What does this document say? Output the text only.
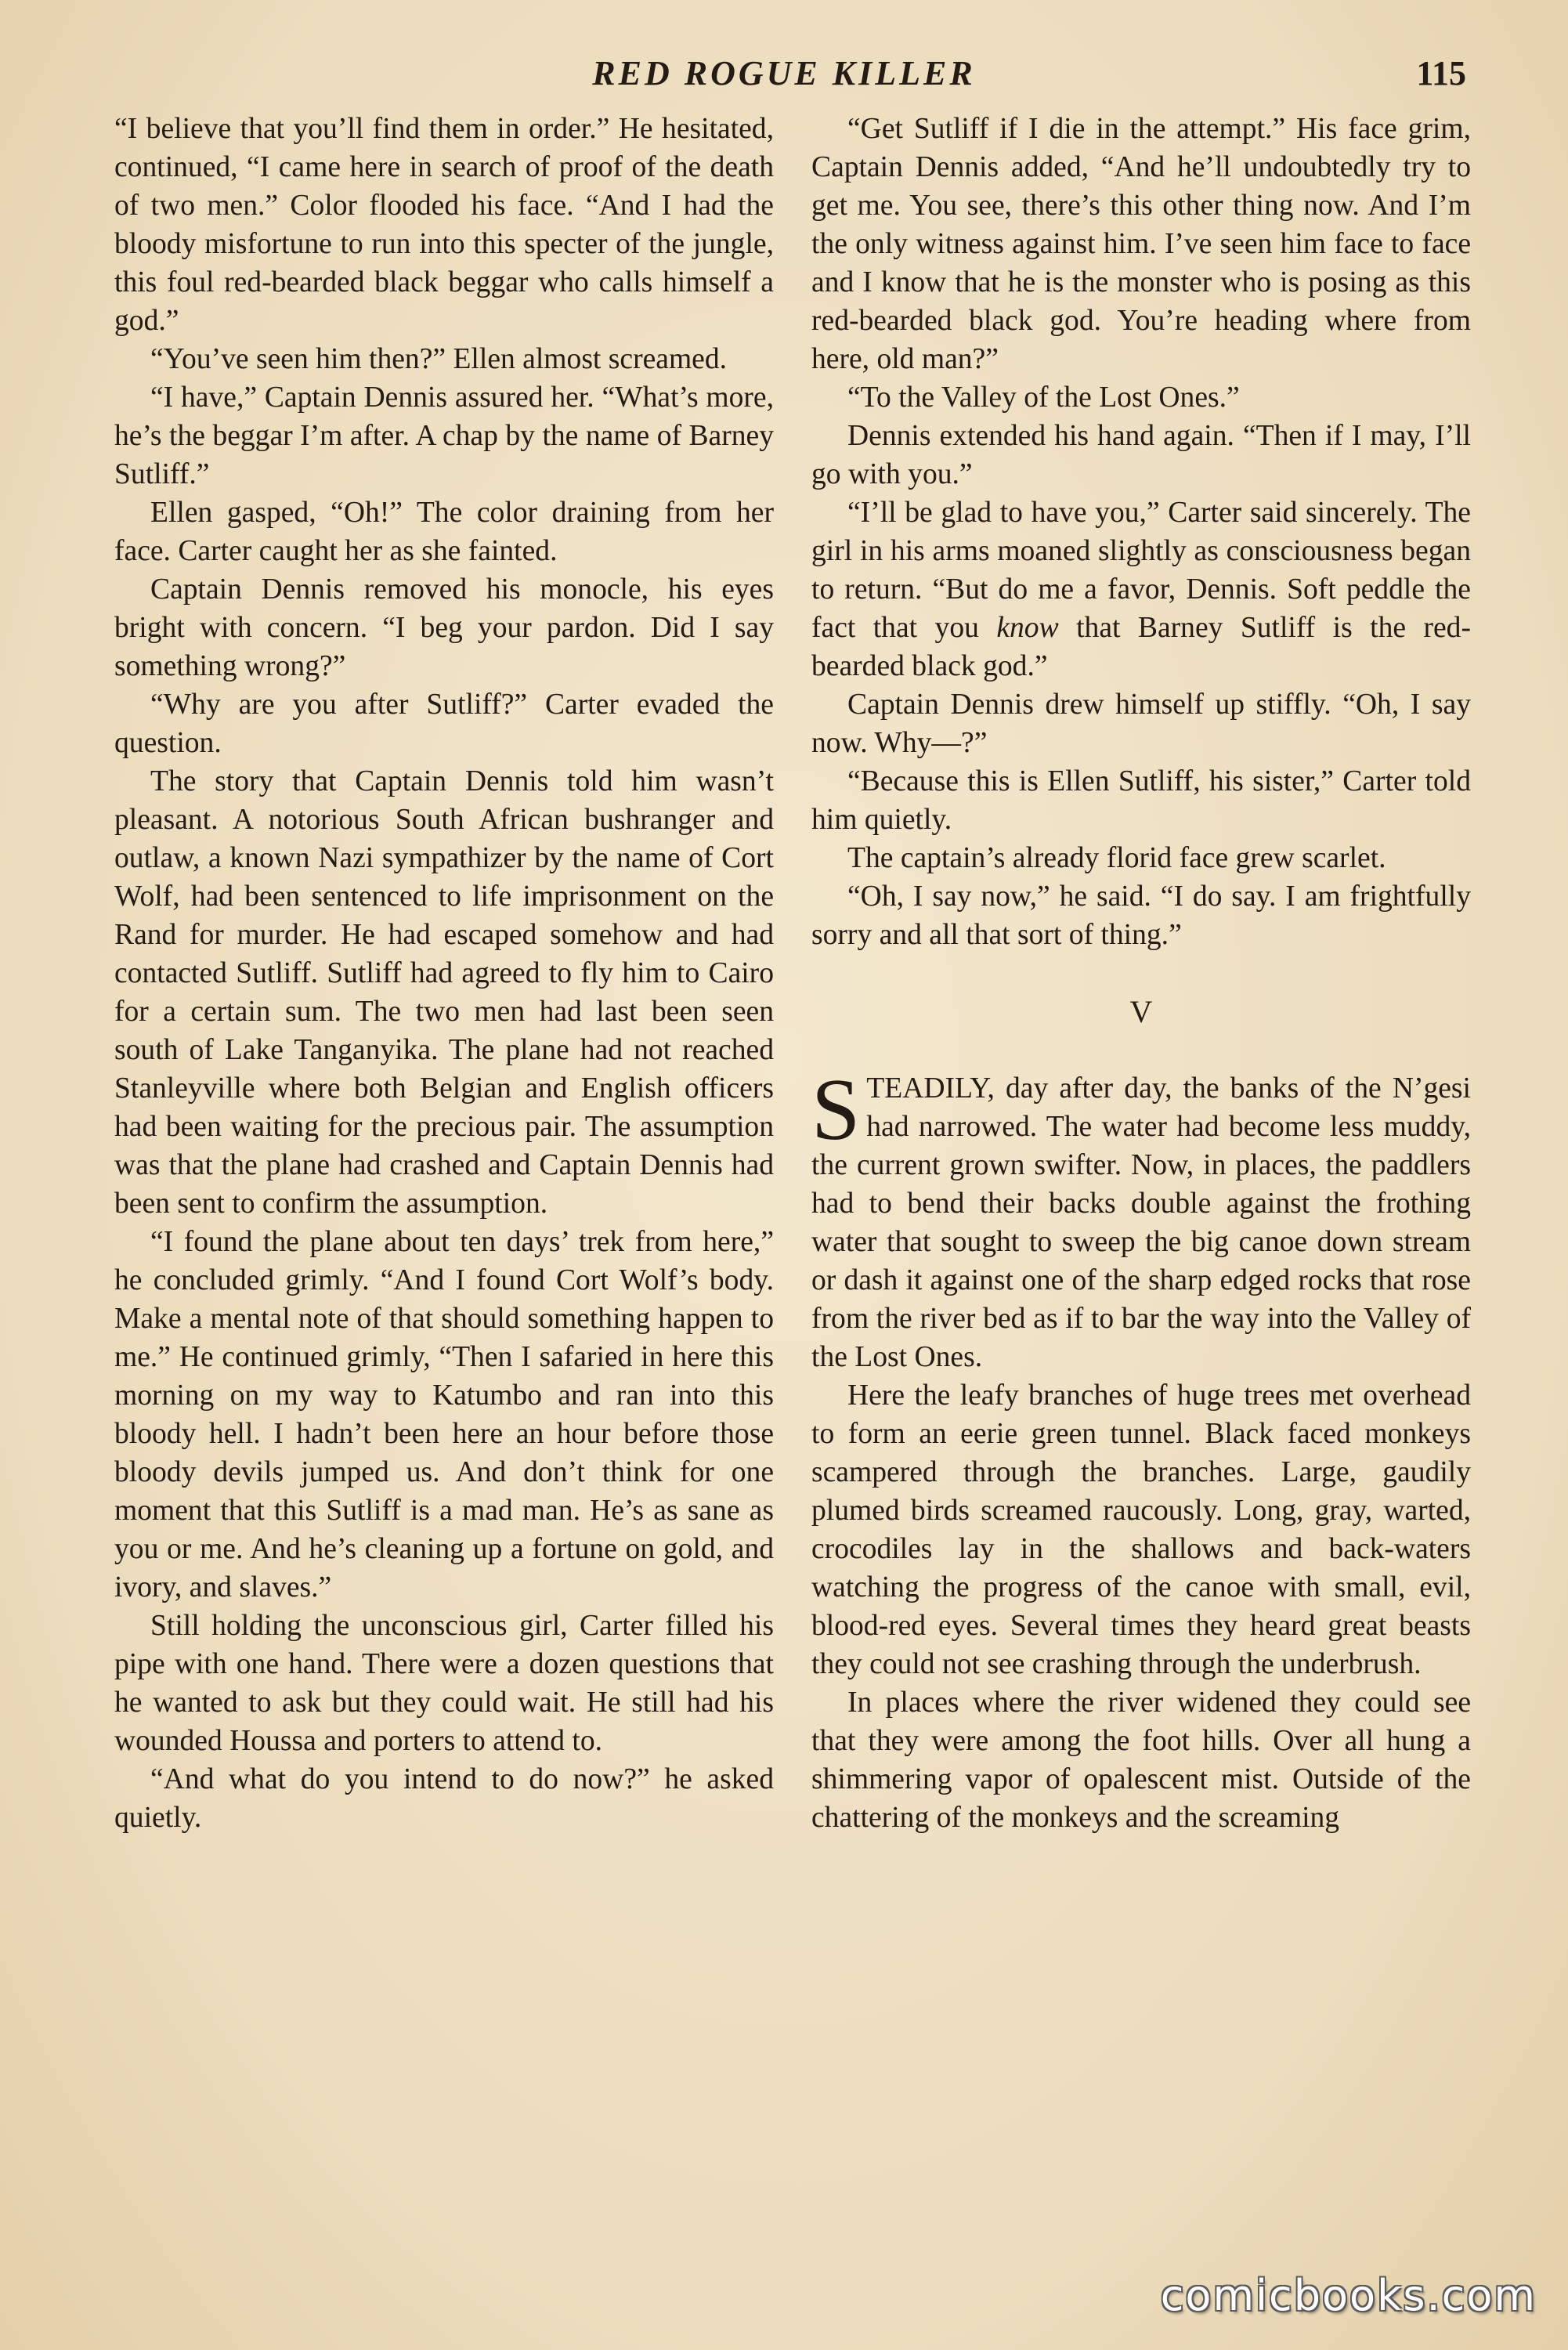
RED ROGUE KILLER	115

“I believe that you’ll find them in order.” He hesitated, continued, “I came here in search of proof of the death of two men.” Color flooded his face. “And I had the bloody misfortune to run into this specter of the jungle, this foul red-bearded black beggar who calls himself a god.”

“You’ve seen him then?” Ellen almost screamed.

“I have,” Captain Dennis assured her. “What’s more, he’s the beggar I’m after. A chap by the name of Barney Sutliff.”

Ellen gasped, “Oh!” The color draining from her face. Carter caught her as she fainted.

Captain Dennis removed his monocle, his eyes bright with concern. “I beg your pardon. Did I say something wrong?”

“Why are you after Sutliff?” Carter evaded the question.

The story that Captain Dennis told him wasn’t pleasant. A notorious South African bushranger and outlaw, a known Nazi sympathizer by the name of Cort Wolf, had been sentenced to life imprisonment on the Rand for murder. He had escaped somehow and had contacted Sutliff. Sutliff had agreed to fly him to Cairo for a certain sum. The two men had last been seen south of Lake Tanganyika. The plane had not reached Stanleyville where both Belgian and English officers had been waiting for the precious pair. The assumption was that the plane had crashed and Captain Dennis had been sent to confirm the assumption.

“I found the plane about ten days’ trek from here,” he concluded grimly. “And I found Cort Wolf’s body. Make a mental note of that should something happen to me.” He continued grimly, “Then I safaried in here this morning on my way to Katumbo and ran into this bloody hell. I hadn’t been here an hour before those bloody devils jumped us. And don’t think for one moment that this Sutliff is a mad man. He’s as sane as you or me. And he’s cleaning up a fortune on gold, and ivory, and slaves.”

Still holding the unconscious girl, Carter filled his pipe with one hand. There were a dozen questions that he wanted to ask but they could wait. He still had his wounded Houssa and porters to attend to.

“And what do you intend to do now?” he asked quietly.

“Get Sutliff if I die in the attempt.” His face grim, Captain Dennis added, “And he’ll undoubtedly try to get me. You see, there’s this other thing now. And I’m the only witness against him. I’ve seen him face to face and I know that he is the monster who is posing as this red-bearded black god. You’re heading where from here, old man?”

“To the Valley of the Lost Ones.”

Dennis extended his hand again. “Then if I may, I’ll go with you.”

“I’ll be glad to have you,” Carter said sincerely. The girl in his arms moaned slightly as consciousness began to return. “But do me a favor, Dennis. Soft peddle the fact that you know that Barney Sutliff is the red-bearded black god.”

Captain Dennis drew himself up stiffly. “Oh, I say now. Why—?”

“Because this is Ellen Sutliff, his sister,” Carter told him quietly.

The captain’s already florid face grew scarlet.

“Oh, I say now,” he said. “I do say. I am frightfully sorry and all that sort of thing.”

V

STEADILY, day after day, the banks of the N’gesi had narrowed. The water had become less muddy, the current grown swifter. Now, in places, the paddlers had to bend their backs double against the frothing water that sought to sweep the big canoe down stream or dash it against one of the sharp edged rocks that rose from the river bed as if to bar the way into the Valley of the Lost Ones.

Here the leafy branches of huge trees met overhead to form an eerie green tunnel. Black faced monkeys scampered through the branches. Large, gaudily plumed birds screamed raucously. Long, gray, warted, crocodiles lay in the shallows and back-waters watching the progress of the canoe with small, evil, blood-red eyes. Several times they heard great beasts they could not see crashing through the underbrush.

In places where the river widened they could see that they were among the foot hills. Over all hung a shimmering vapor of opalescent mist. Outside of the chattering of the monkeys and the screaming

comicbooks.com
